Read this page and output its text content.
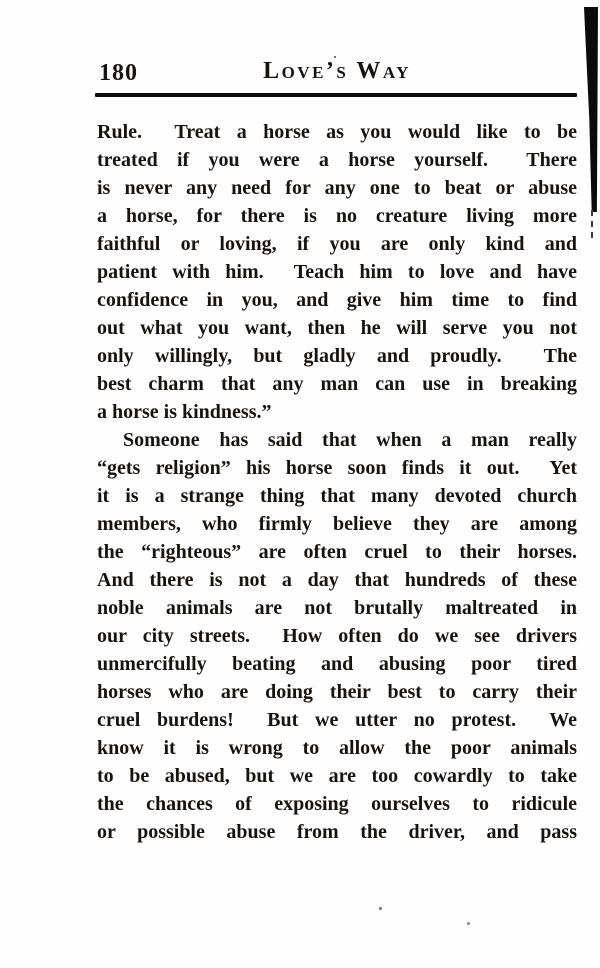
180	Love’s Way
Rule.  Treat a horse as you would like to be
treated if you were a horse yourself.  There
is never any need for any one to beat or abuse
a horse, for there is no creature living more
faithful or loving, if you are only kind and
patient with him.  Teach him to love and have
confidence in you, and give him time to find
out what you want, then he will serve you not
only willingly, but gladly and proudly.  The
best charm that any man can use in breaking
a horse is kindness.”
Someone has said that when a man really
“gets religion” his horse soon finds it out.  Yet
it is a strange thing that many devoted church
members, who firmly believe they are among
the “righteous” are often cruel to their horses.
And there is not a day that hundreds of these
noble animals are not brutally maltreated in
our city streets.  How often do we see drivers
unmercifully beating and abusing poor tired
horses who are doing their best to carry their
cruel burdens!  But we utter no protest.  We
know it is wrong to allow the poor animals
to be abused, but we are too cowardly to take
the chances of exposing ourselves to ridicule
or possible abuse from the driver, and pass
